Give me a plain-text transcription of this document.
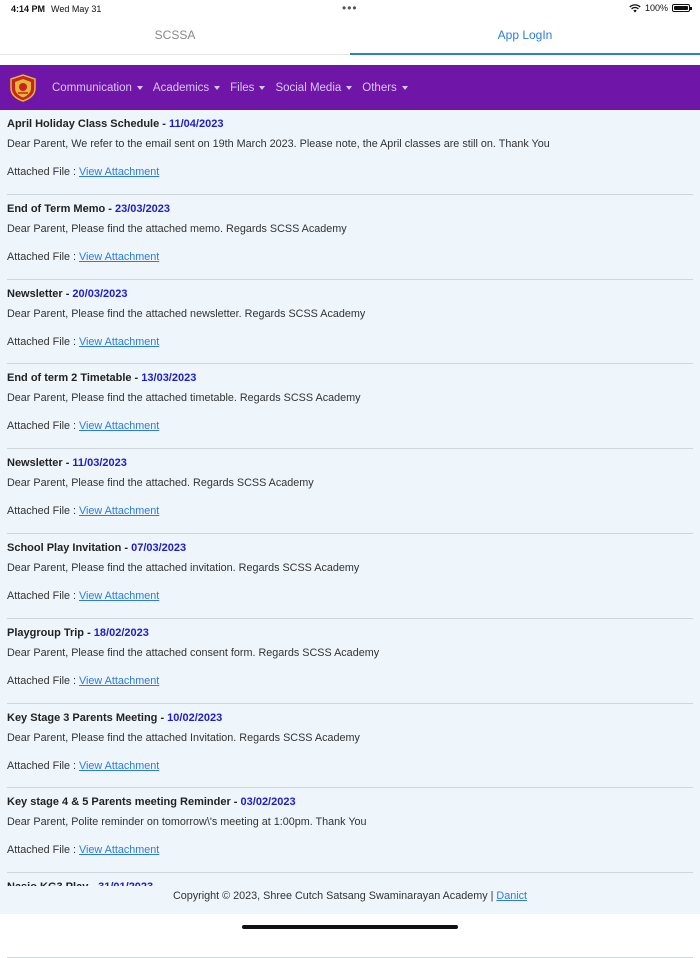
4:14 PM Wed May 31	•••	100%
SCSSA	App LogIn
Communication Academics Files Social Media Others
April Holiday Class Schedule - 11/04/2023
Dear Parent, We refer to the email sent on 19th March 2023. Please note, the April classes are still on. Thank You
Attached File : View Attachment
End of Term Memo - 23/03/2023
Dear Parent, Please find the attached memo. Regards SCSS Academy
Attached File : View Attachment
Newsletter - 20/03/2023
Dear Parent, Please find the attached newsletter. Regards SCSS Academy
Attached File : View Attachment
End of term 2 Timetable - 13/03/2023
Dear Parent, Please find the attached timetable. Regards SCSS Academy
Attached File : View Attachment
Newsletter - 11/03/2023
Dear Parent, Please find the attached. Regards SCSS Academy
Attached File : View Attachment
School Play Invitation - 07/03/2023
Dear Parent, Please find the attached invitation. Regards SCSS Academy
Attached File : View Attachment
Playgroup Trip - 18/02/2023
Dear Parent, Please find the attached consent form. Regards SCSS Academy
Attached File : View Attachment
Key Stage 3 Parents Meeting - 10/02/2023
Dear Parent, Please find the attached Invitation. Regards SCSS Academy
Attached File : View Attachment
Key stage 4 & 5 Parents meeting Reminder - 03/02/2023
Dear Parent, Polite reminder on tomorrow\'s meeting at 1:00pm. Thank You
Attached File : View Attachment
Copyright © 2023, Shree Cutch Satsang Swaminarayan Academy | Danict
